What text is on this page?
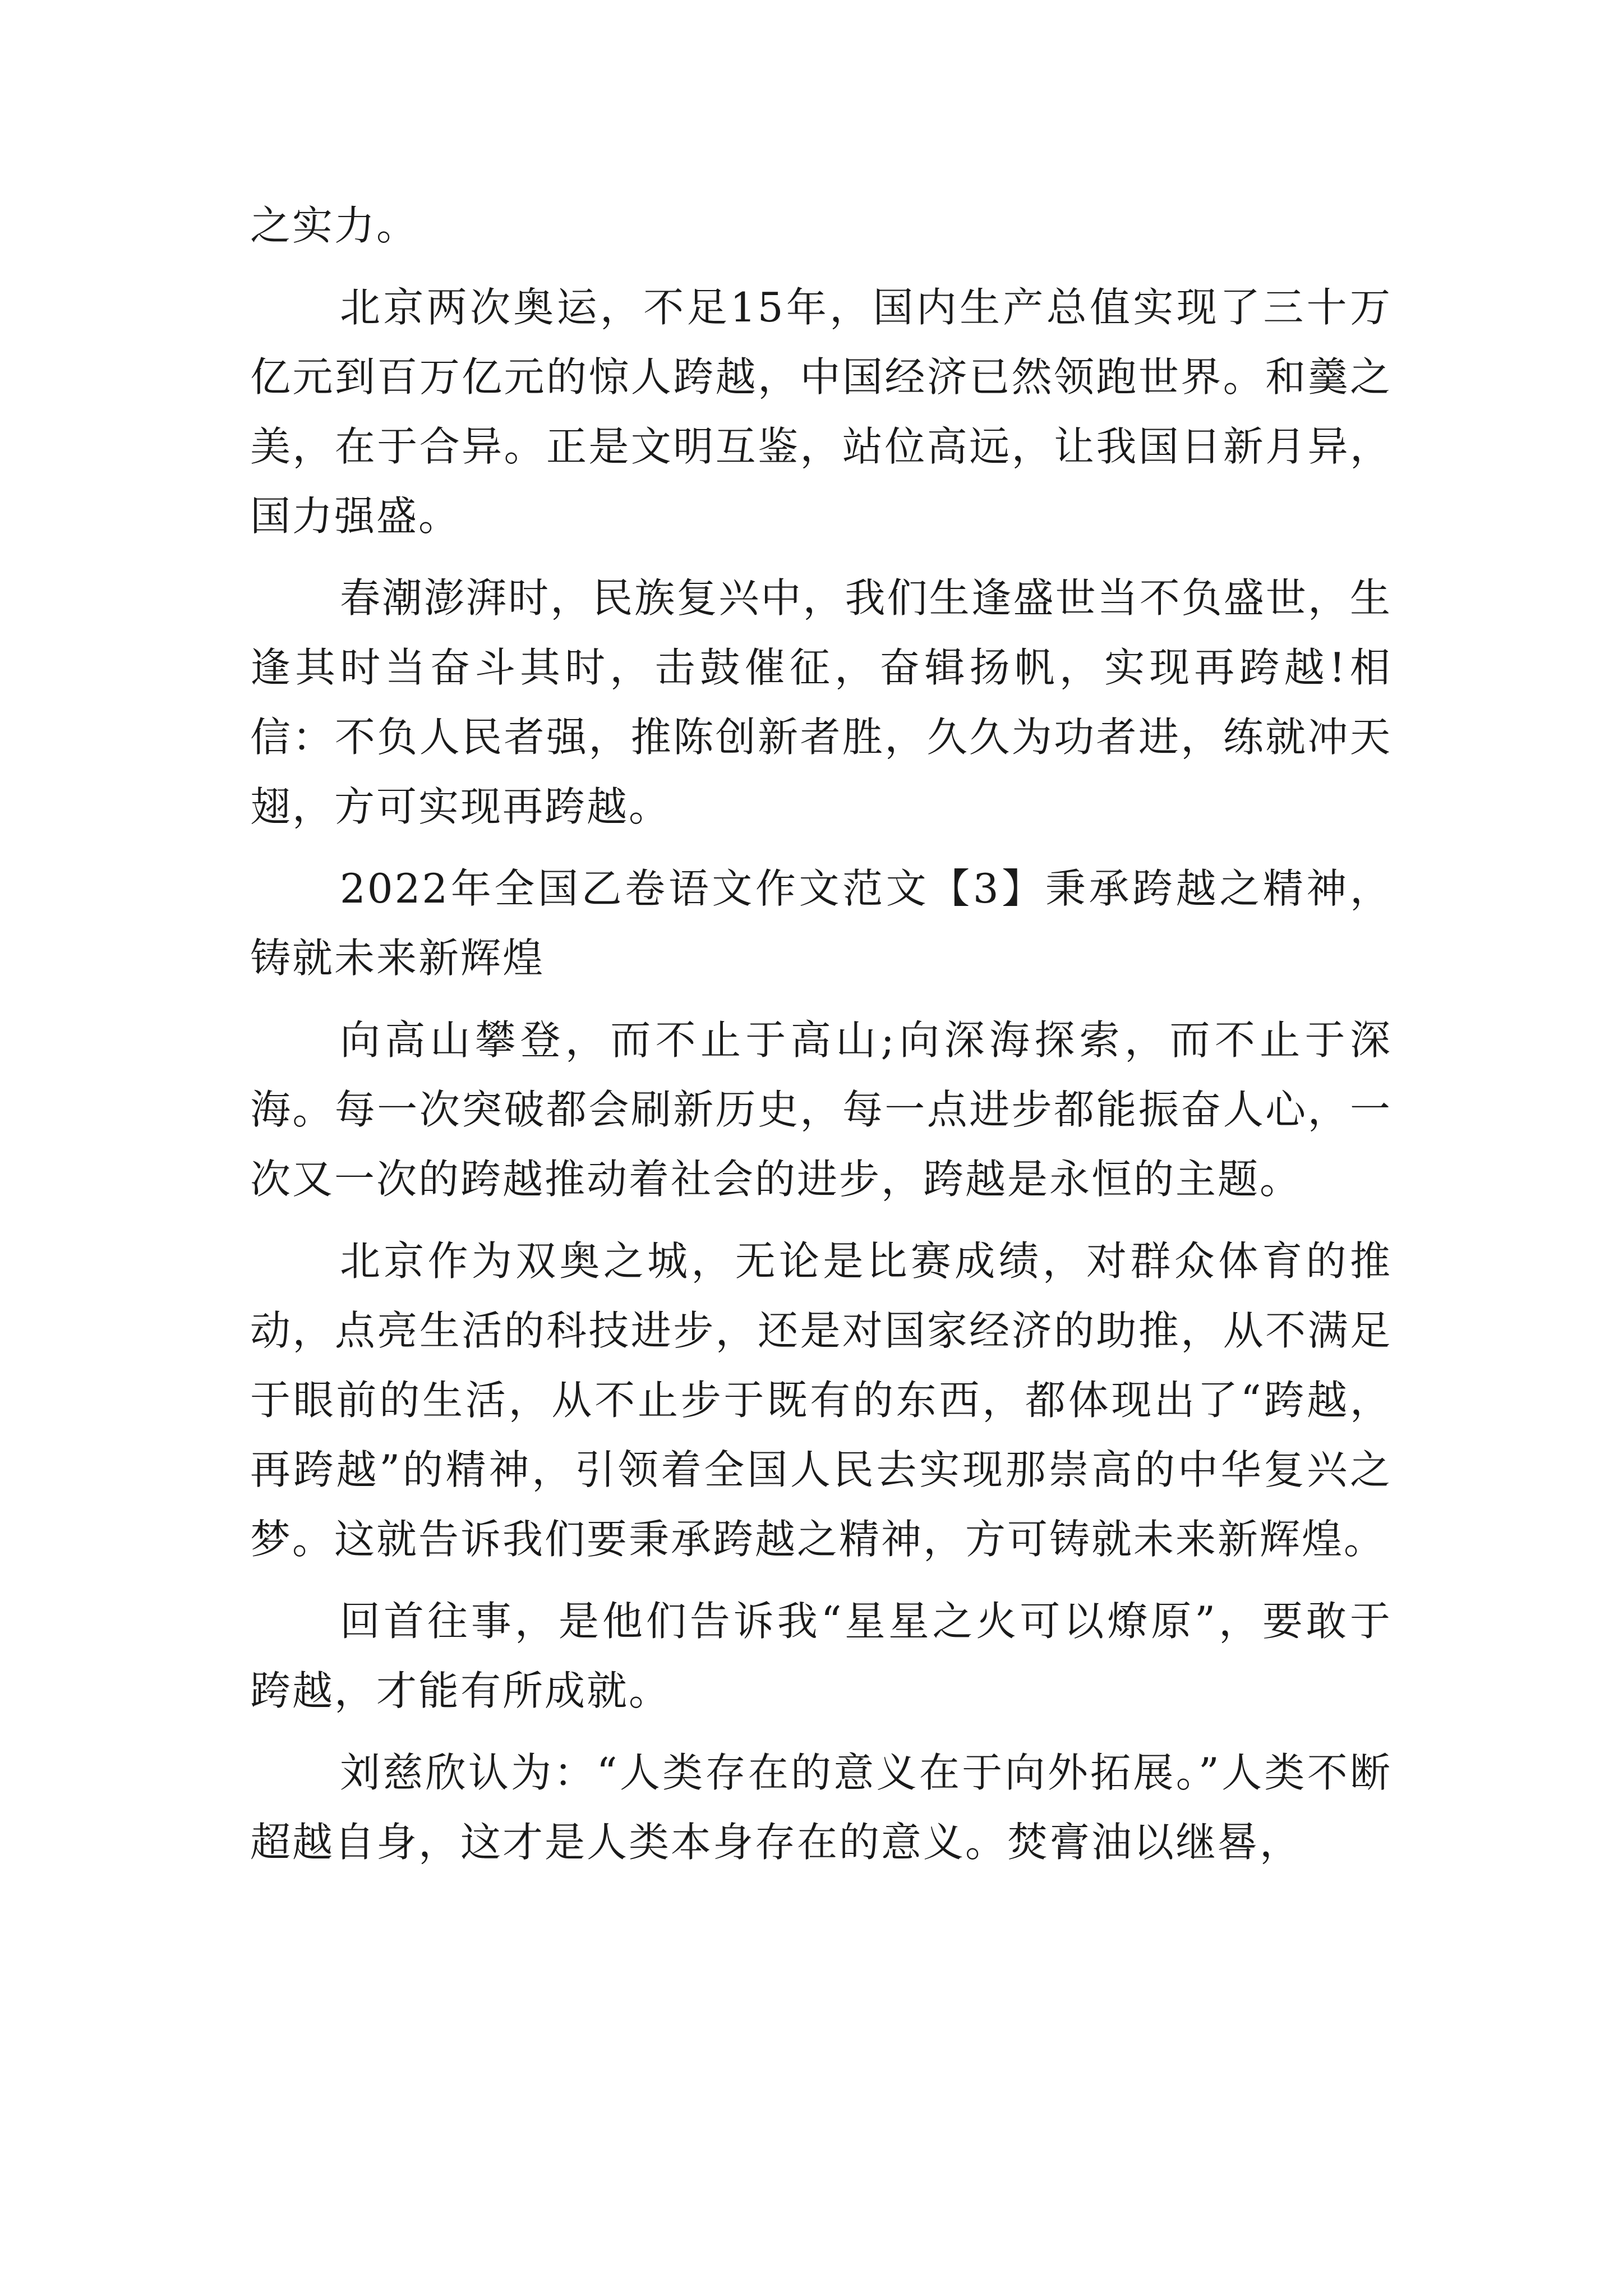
之实力。

北京两次奥运，不足15年，国内生产总值实现了三十万亿元到百万亿元的惊人跨越，中国经济已然领跑世界。和羹之美，在于合异。正是文明互鉴，站位高远，让我国日新月异，国力强盛。

春潮澎湃时，民族复兴中，我们生逢盛世当不负盛世，生逢其时当奋斗其时，击鼓催征，奋辑扬帆，实现再跨越!相信：不负人民者强，推陈创新者胜，久久为功者进，练就冲天翅，方可实现再跨越。

2022年全国乙卷语文作文范文【3】秉承跨越之精神，铸就未来新辉煌

向高山攀登，而不止于高山;向深海探索，而不止于深海。每一次突破都会刷新历史，每一点进步都能振奋人心，一次又一次的跨越推动着社会的进步，跨越是永恒的主题。

北京作为双奥之城，无论是比赛成绩，对群众体育的推动，点亮生活的科技进步，还是对国家经济的助推，从不满足于眼前的生活，从不止步于既有的东西，都体现出了“跨越，再跨越”的精神，引领着全国人民去实现那崇高的中华复兴之梦。这就告诉我们要秉承跨越之精神，方可铸就未来新辉煌。

回首往事，是他们告诉我“星星之火可以燎原”，要敢于跨越，才能有所成就。

刘慈欣认为：“人类存在的意义在于向外拓展。”人类不断超越自身，这才是人类本身存在的意义。焚膏油以继晷，
